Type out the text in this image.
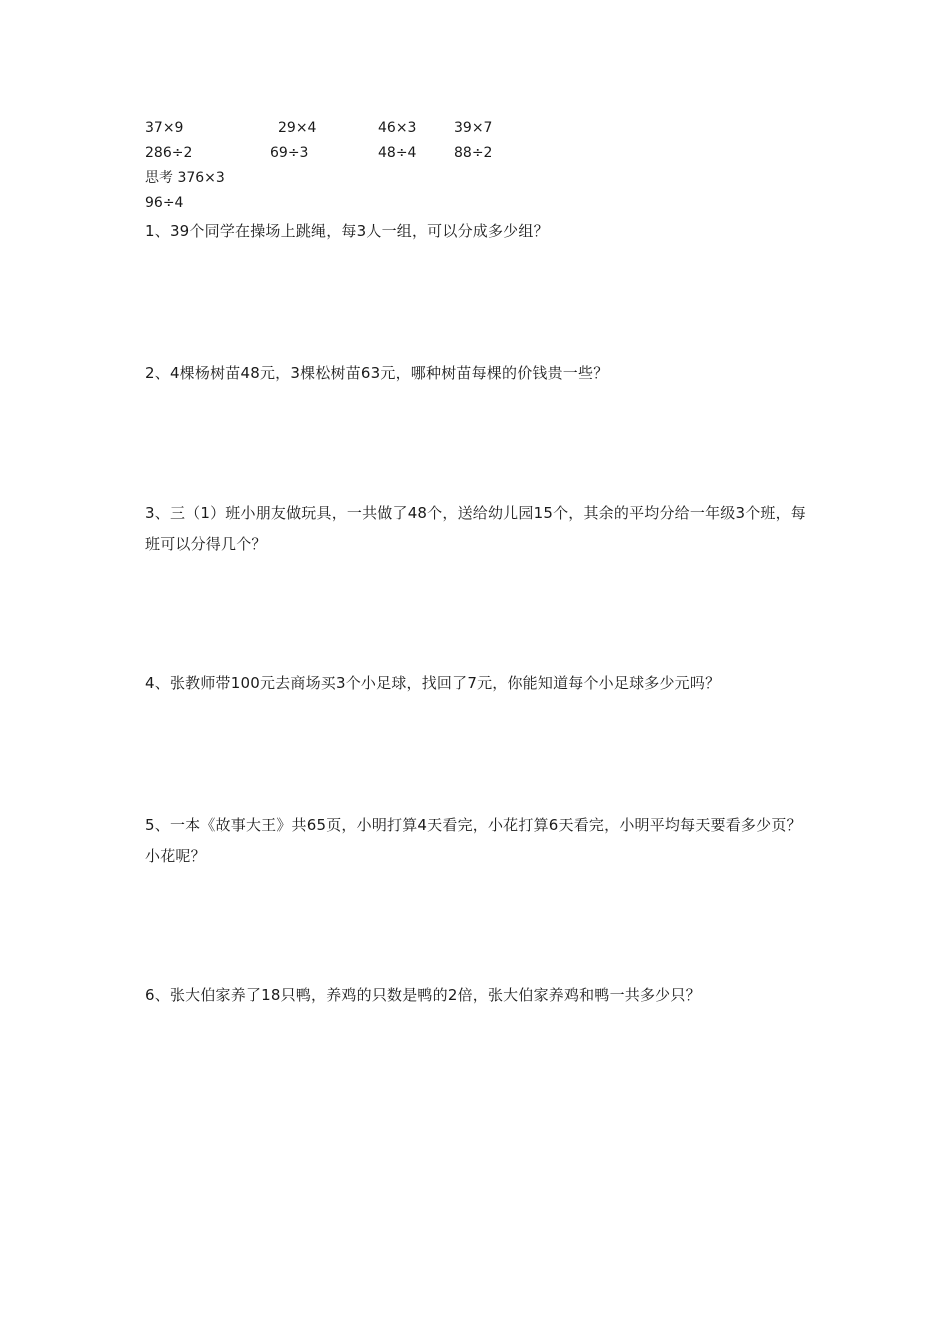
37×9	29×4	46×3	39×7
286÷2	69÷3	48÷4	88÷2
思考 376×3
96÷4
1、39个同学在操场上跳绳，每3人一组，可以分成多少组？
2、4棵杨树苗48元，3棵松树苗63元，哪种树苗每棵的价钱贵一些？
3、三（1）班小朋友做玩具，一共做了48个，送给幼儿园15个，其余的平均分给一年级3个班，每班可以分得几个？
4、张教师带100元去商场买3个小足球，找回了7元，你能知道每个小足球多少元吗？
5、一本《故事大王》共65页，小明打算4天看完，小花打算6天看完，小明平均每天要看多少页？小花呢？
6、张大伯家养了18只鸭，养鸡的只数是鸭的2倍，张大伯家养鸡和鸭一共多少只？
